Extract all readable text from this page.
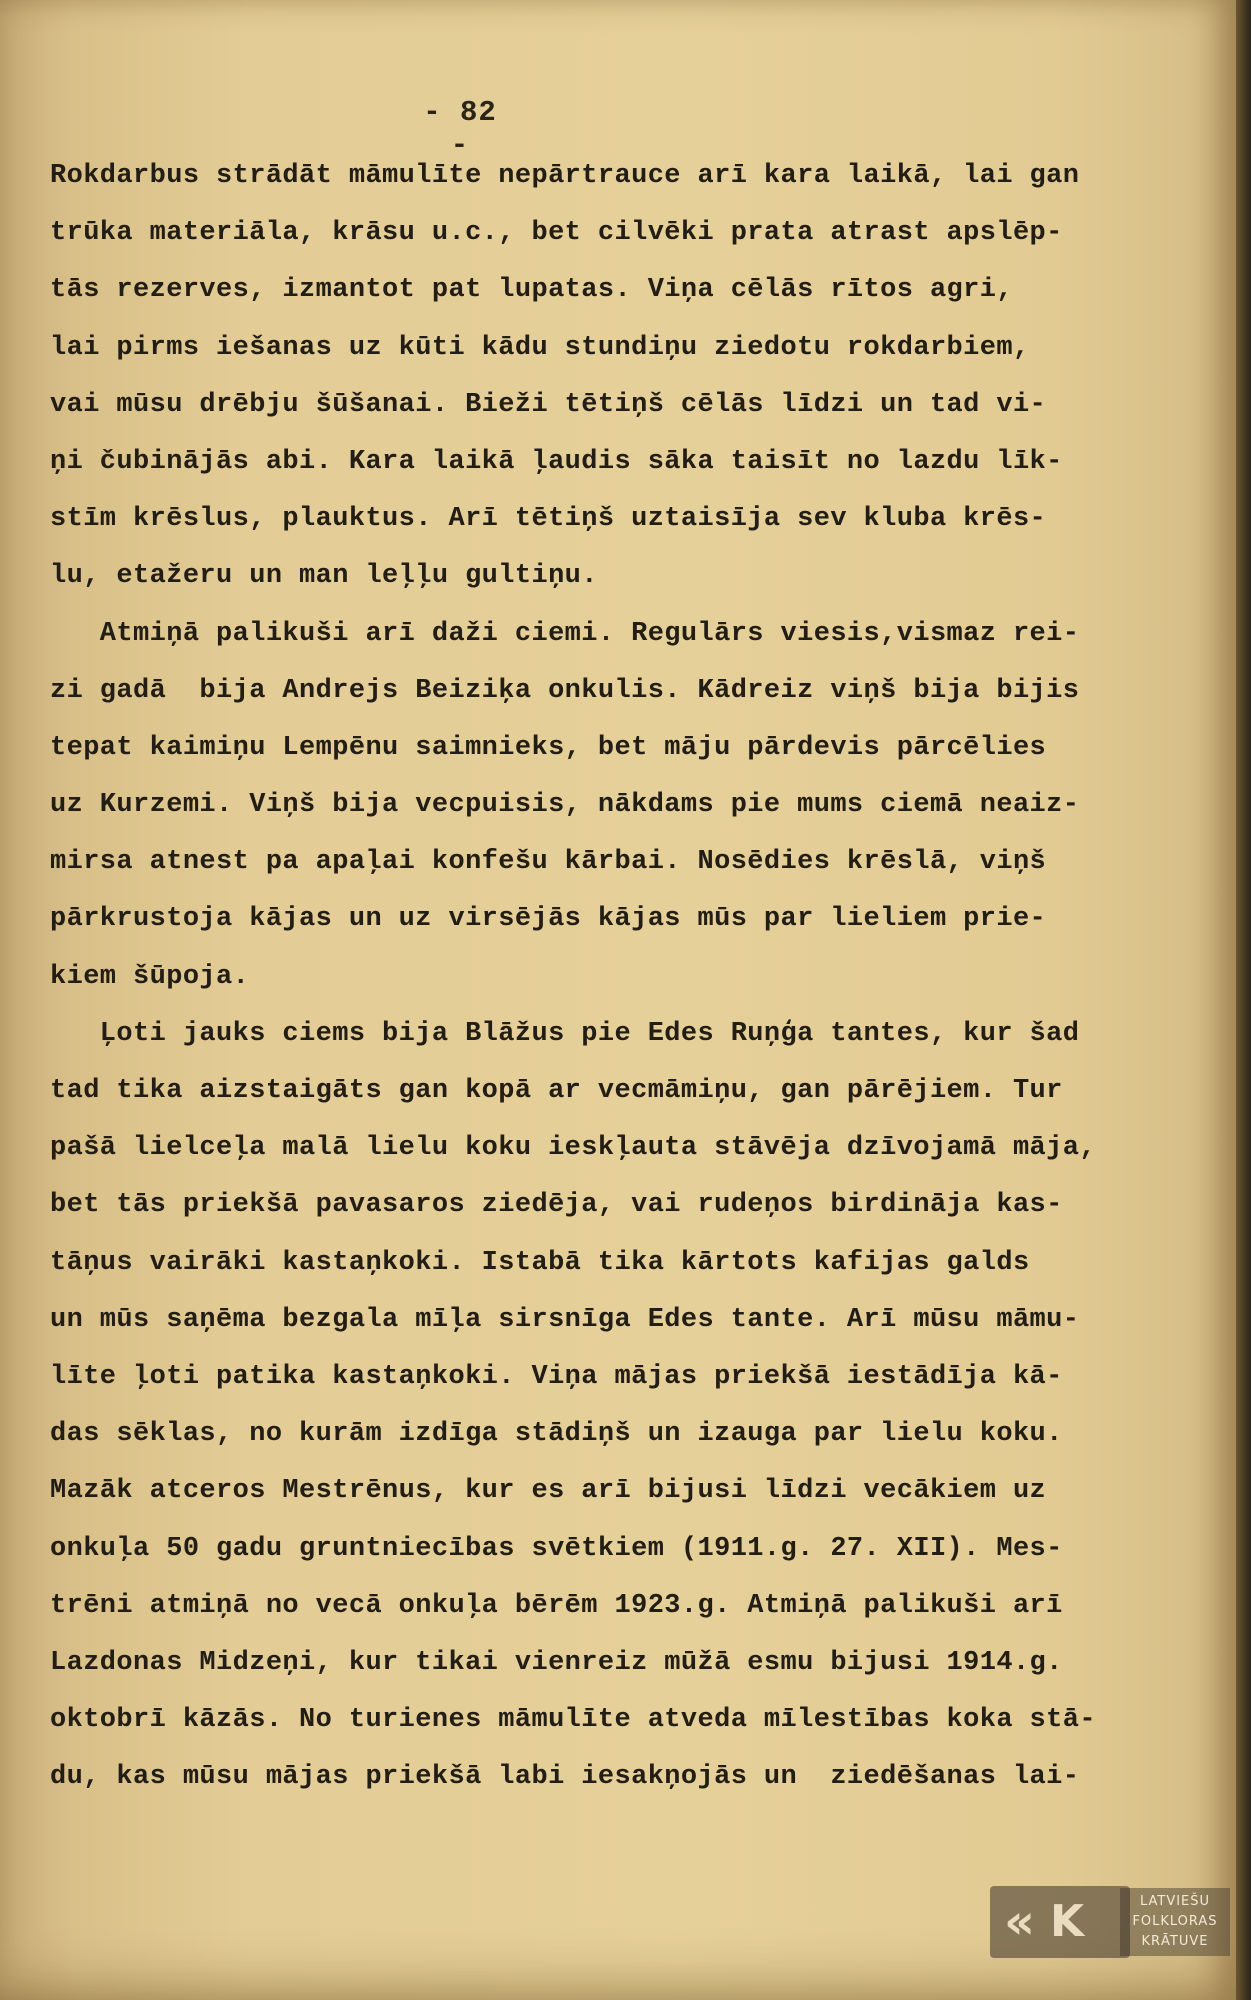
- 82 -
Rokdarbus strādāt māmulīte nepārtrauce arī kara laikā, lai gan
trūka materiāla, krāsu u.c., bet cilvēki prata atrast apslēp-
tās rezerves, izmantot pat lupatas. Viņa cēlās rītos agri,
lai pirms iešanas uz kūti kādu stundiņu ziedotu rokdarbiem,
vai mūsu drēbju šūšanai. Bieži tētiņš cēlās līdzi un tad vi-
ņi čubinājās abi. Kara laikā ļaudis sāka taisīt no lazdu līk-
stīm krēslus, plauktus. Arī tētiņš uztaisīja sev kluba krēs-
lu, etažeru un man leļļu gultiņu.
Atmiņā palikuši arī daži ciemi. Regulārs viesis,vismaz rei-
zi gadā  bija Andrejs Beiziķa onkulis. Kādreiz viņš bija bijis
tepat kaimiņu Lempēnu saimnieks, bet māju pārdevis pārcēlies
uz Kurzemi. Viņš bija vecpuisis, nākdams pie mums ciemā neaiz-
mirsa atnest pa apaļai konfešu kārbai. Nosēdies krēslā, viņš
pārkrustoja kājas un uz virsējās kājas mūs par lieliem prie-
kiem šūpoja.
Ļoti jauks ciems bija Blāžus pie Edes Ruņģa tantes, kur šad
tad tika aizstaigāts gan kopā ar vecmāmiņu, gan pārējiem. Tur
pašā lielceļa malā lielu koku ieskļauta stāvēja dzīvojamā māja,
bet tās priekšā pavasaros ziedēja, vai rudeņos birdināja kas-
tāņus vairāki kastaņkoki. Istabā tika kārtots kafijas galds
un mūs saņēma bezgala mīļa sirsnīga Edes tante. Arī mūsu māmu-
līte ļoti patika kastaņkoki. Viņa mājas priekšā iestādīja kā-
das sēklas, no kurām izdīga stādiņš un izauga par lielu koku.
Mazāk atceros Mestrēnus, kur es arī bijusi līdzi vecākiem uz
onkuļa 50 gadu gruntniecības svētkiem (1911.g. 27. XII). Mes-
trēni atmiņā no vecā onkuļa bērēm 1923.g. Atmiņā palikuši arī
Lazdonas Midzeņi, kur tikai vienreiz mūžā esmu bijusi 1914.g.
oktobrī kāzās. No turienes māmulīte atveda mīlestības koka stā-
du, kas mūsu mājas priekšā labi iesakņojās un  ziedēšanas lai-
« K	LATVIEŠU
FOLKLORAS
KRĀTUVE
